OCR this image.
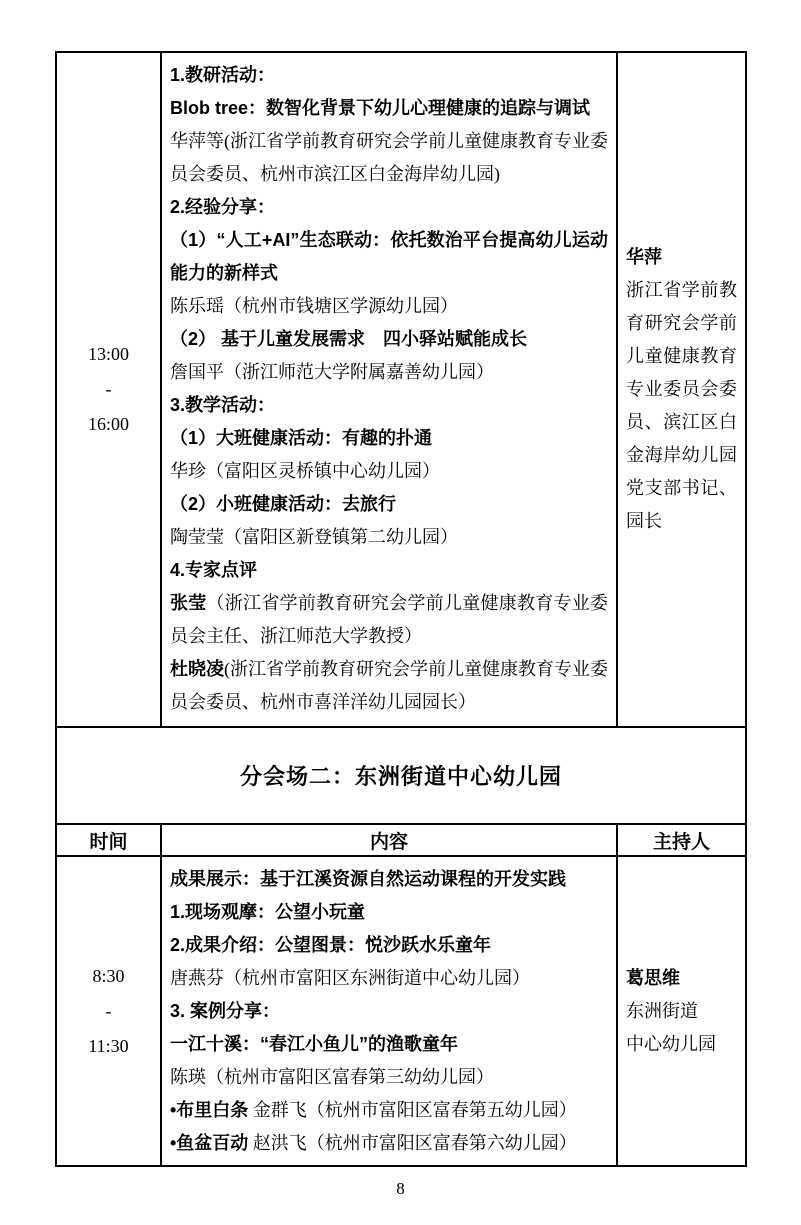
13:00
-
16:00
1.教研活动：
Blob tree：数智化背景下幼儿心理健康的追踪与调试
华萍等(浙江省学前教育研究会学前儿童健康教育专业委员会委员、杭州市滨江区白金海岸幼儿园)
2.经验分享：
（1）“人工+AI”生态联动：依托数治平台提高幼儿运动能力的新样式
陈乐瑶（杭州市钱塘区学源幼儿园）
（2） 基于儿童发展需求　四小驿站赋能成长
詹国平（浙江师范大学附属嘉善幼儿园）
3.教学活动：
（1）大班健康活动：有趣的扑通
华珍（富阳区灵桥镇中心幼儿园）
（2）小班健康活动：去旅行
陶莹莹（富阳区新登镇第二幼儿园）
4.专家点评
张莹（浙江省学前教育研究会学前儿童健康教育专业委员会主任、浙江师范大学教授）
杜晓凌(浙江省学前教育研究会学前儿童健康教育专业委员会委员、杭州市喜洋洋幼儿园园长）
华萍
浙江省学前教育研究会学前儿童健康教育专业委员会委员、滨江区白金海岸幼儿园党支部书记、园长
分会场二：东洲街道中心幼儿园
时间	内容	主持人
8:30
-
11:30
成果展示：基于江溪资源自然运动课程的开发实践
1.现场观摩：公望小玩童
2.成果介绍：公望图景：悦沙跃水乐童年
唐燕芬（杭州市富阳区东洲街道中心幼儿园）
3. 案例分享：
一江十溪：“春江小鱼儿”的渔歌童年
陈瑛（杭州市富阳区富春第三幼幼儿园）
•布里白条 金群飞（杭州市富阳区富春第五幼儿园）
•鱼盆百动 赵洪飞（杭州市富阳区富春第六幼儿园）
葛思维
东洲街道
中心幼儿园
8
